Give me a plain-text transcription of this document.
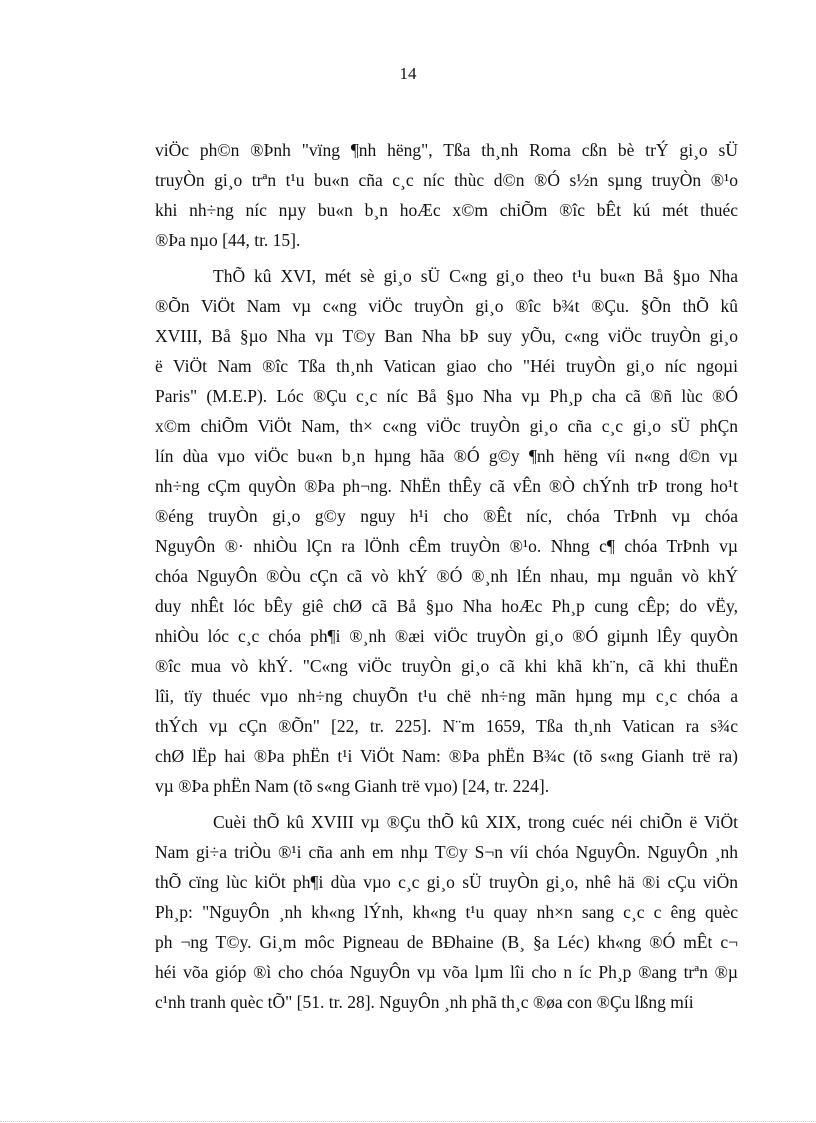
14
viÖc ph©n ®Þnh "vïng ¶nh hëng", Tßa th¸nh Roma cßn bè trÝ gi¸o sÜ
truyÒn gi¸o trªn t¹u bu«n cña c¸c níc thùc d©n ®Ó s½n sµng truyÒn ®¹o
khi nh÷ng níc nµy bu«n b¸n hoÆc x©m chiÕm ®îc bÊt kú mét thuéc
®Þa nµo [44, tr. 15].
ThÕ kû XVI, mét sè gi¸o sÜ C«ng gi¸o theo t¹u bu«n Bå §µo Nha
®Õn ViÖt Nam vµ c«ng viÖc truyÒn gi¸o ®îc b¾t ®Çu. §Õn thÕ kû
XVIII, Bå §µo Nha vµ T©y Ban Nha bÞ suy yÕu, c«ng viÖc truyÒn gi¸o
ë ViÖt Nam ®îc Tßa th¸nh Vatican giao cho "Héi truyÒn gi¸o níc ngoµi
Paris" (M.E.P). Lóc ®Çu c¸c níc Bå §µo Nha vµ Ph¸p cha cã ®ñ lùc ®Ó
x©m chiÕm ViÖt Nam, th× c«ng viÖc truyÒn gi¸o cña c¸c gi¸o sÜ phÇn
lín dùa vµo viÖc bu«n b¸n hµng hãa ®Ó g©y ¶nh hëng víi n«ng d©n vµ
nh÷ng cÇm quyÒn ®Þa ph¬ng. NhËn thÊy cã vÊn ®Ò chÝnh trÞ trong ho¹t
®éng truyÒn gi¸o g©y nguy h¹i cho ®Êt níc, chóa TrÞnh vµ chóa
NguyÔn ®· nhiÒu lÇn ra lÖnh cÊm truyÒn ®¹o. Nhng c¶ chóa TrÞnh vµ
chóa NguyÔn ®Òu cÇn cã vò khÝ ®Ó ®¸nh lÉn nhau, mµ nguån vò khÝ
duy nhÊt lóc bÊy giê chØ cã Bå §µo Nha hoÆc Ph¸p cung cÊp; do vËy,
nhiÒu lóc c¸c chóa ph¶i ®¸nh ®æi viÖc truyÒn gi¸o ®Ó giµnh lÊy quyÒn
®îc mua vò khÝ. "C«ng viÖc truyÒn gi¸o cã khi khã kh¨n, cã khi thuËn
lîi, tïy thuéc vµo nh÷ng chuyÕn t¹u chë nh÷ng mãn hµng mµ c¸c chóa a
thÝch vµ cÇn ®Õn" [22, tr. 225]. N¨m 1659, Tßa th¸nh Vatican ra s¾c
chØ lËp hai ®Þa phËn t¹i ViÖt Nam: ®Þa phËn B¾c (tõ s«ng Gianh trë ra)
vµ ®Þa phËn Nam (tõ s«ng Gianh trë vµo) [24, tr. 224].
Cuèi thÕ kû XVIII vµ ®Çu thÕ kû XIX, trong cuéc néi chiÕn ë ViÖt
Nam gi÷a triÒu ®¹i cña anh em nhµ T©y S¬n víi chóa NguyÔn. NguyÔn ¸nh
thÕ cïng lùc kiÖt ph¶i dùa vµo c¸c gi¸o sÜ truyÒn gi¸o, nhê hä ®i cÇu viÖn
Ph¸p: "NguyÔn ¸nh kh«ng lÝnh, kh«ng t¹u quay nh×n sang c¸c c êng quèc
ph ¬ng T©y. Gi¸m môc Pigneau de BÐhaine (B¸ §a Léc) kh«ng ®Ó mÊt c¬
héi võa gióp ®ì cho chóa NguyÔn vµ võa lµm lîi cho n íc Ph¸p ®ang trªn ®µ
c¹nh tranh quèc tÕ" [51. tr. 28]. NguyÔn ¸nh phã th¸c ®øa con ®Çu lßng míi
